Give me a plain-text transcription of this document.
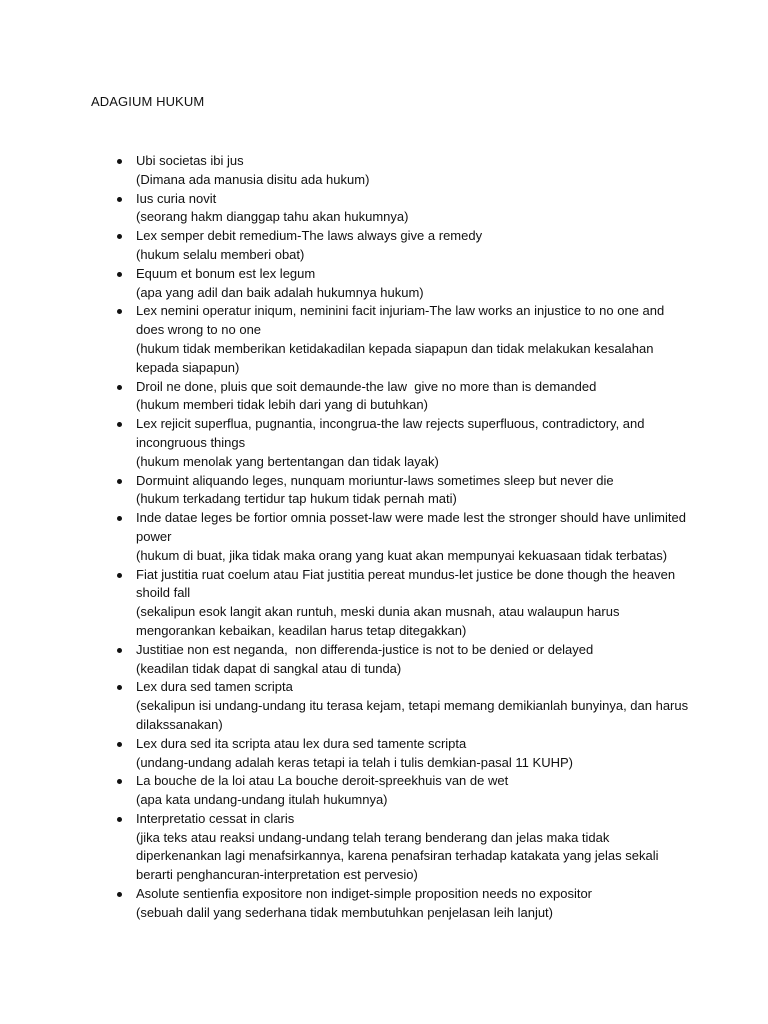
ADAGIUM HUKUM
Ubi societas ibi jus
(Dimana ada manusia disitu ada hukum)
Ius curia novit
(seorang hakm dianggap tahu akan hukumnya)
Lex semper debit remedium-The laws always give a remedy
(hukum selalu memberi obat)
Equum et bonum est lex legum
(apa yang adil dan baik adalah hukumnya hukum)
Lex nemini operatur iniqum, neminini facit injuriam-The law works an injustice to no one and
does wrong to no one
(hukum tidak memberikan ketidakadilan kepada siapapun dan tidak melakukan kesalahan
kepada siapapun)
Droil ne done, pluis que soit demaunde-the law  give no more than is demanded
(hukum memberi tidak lebih dari yang di butuhkan)
Lex rejicit superflua, pugnantia, incongrua-the law rejects superfluous, contradictory, and
incongruous things
(hukum menolak yang bertentangan dan tidak layak)
Dormuint aliquando leges, nunquam moriuntur-laws sometimes sleep but never die
(hukum terkadang tertidur tap hukum tidak pernah mati)
Inde datae leges be fortior omnia posset-law were made lest the stronger should have unlimited
power
(hukum di buat, jika tidak maka orang yang kuat akan mempunyai kekuasaan tidak terbatas)
Fiat justitia ruat coelum atau Fiat justitia pereat mundus-let justice be done though the heaven
shoild fall
(sekalipun esok langit akan runtuh, meski dunia akan musnah, atau walaupun harus
mengorankan kebaikan, keadilan harus tetap ditegakkan)
Justitiae non est neganda,  non differenda-justice is not to be denied or delayed
(keadilan tidak dapat di sangkal atau di tunda)
Lex dura sed tamen scripta
(sekalipun isi undang-undang itu terasa kejam, tetapi memang demikianlah bunyinya, dan harus
dilakssanakan)
Lex dura sed ita scripta atau lex dura sed tamente scripta
(undang-undang adalah keras tetapi ia telah i tulis demkian-pasal 11 KUHP)
La bouche de la loi atau La bouche deroit-spreekhuis van de wet
(apa kata undang-undang itulah hukumnya)
Interpretatio cessat in claris
(jika teks atau reaksi undang-undang telah terang benderang dan jelas maka tidak
diperkenankan lagi menafsirkannya, karena penafsiran terhadap katakata yang jelas sekali
berarti penghancuran-interpretation est pervesio)
Asolute sentienfia expositore non indiget-simple proposition needs no expositor
(sebuah dalil yang sederhana tidak membutuhkan penjelasan leih lanjut)
